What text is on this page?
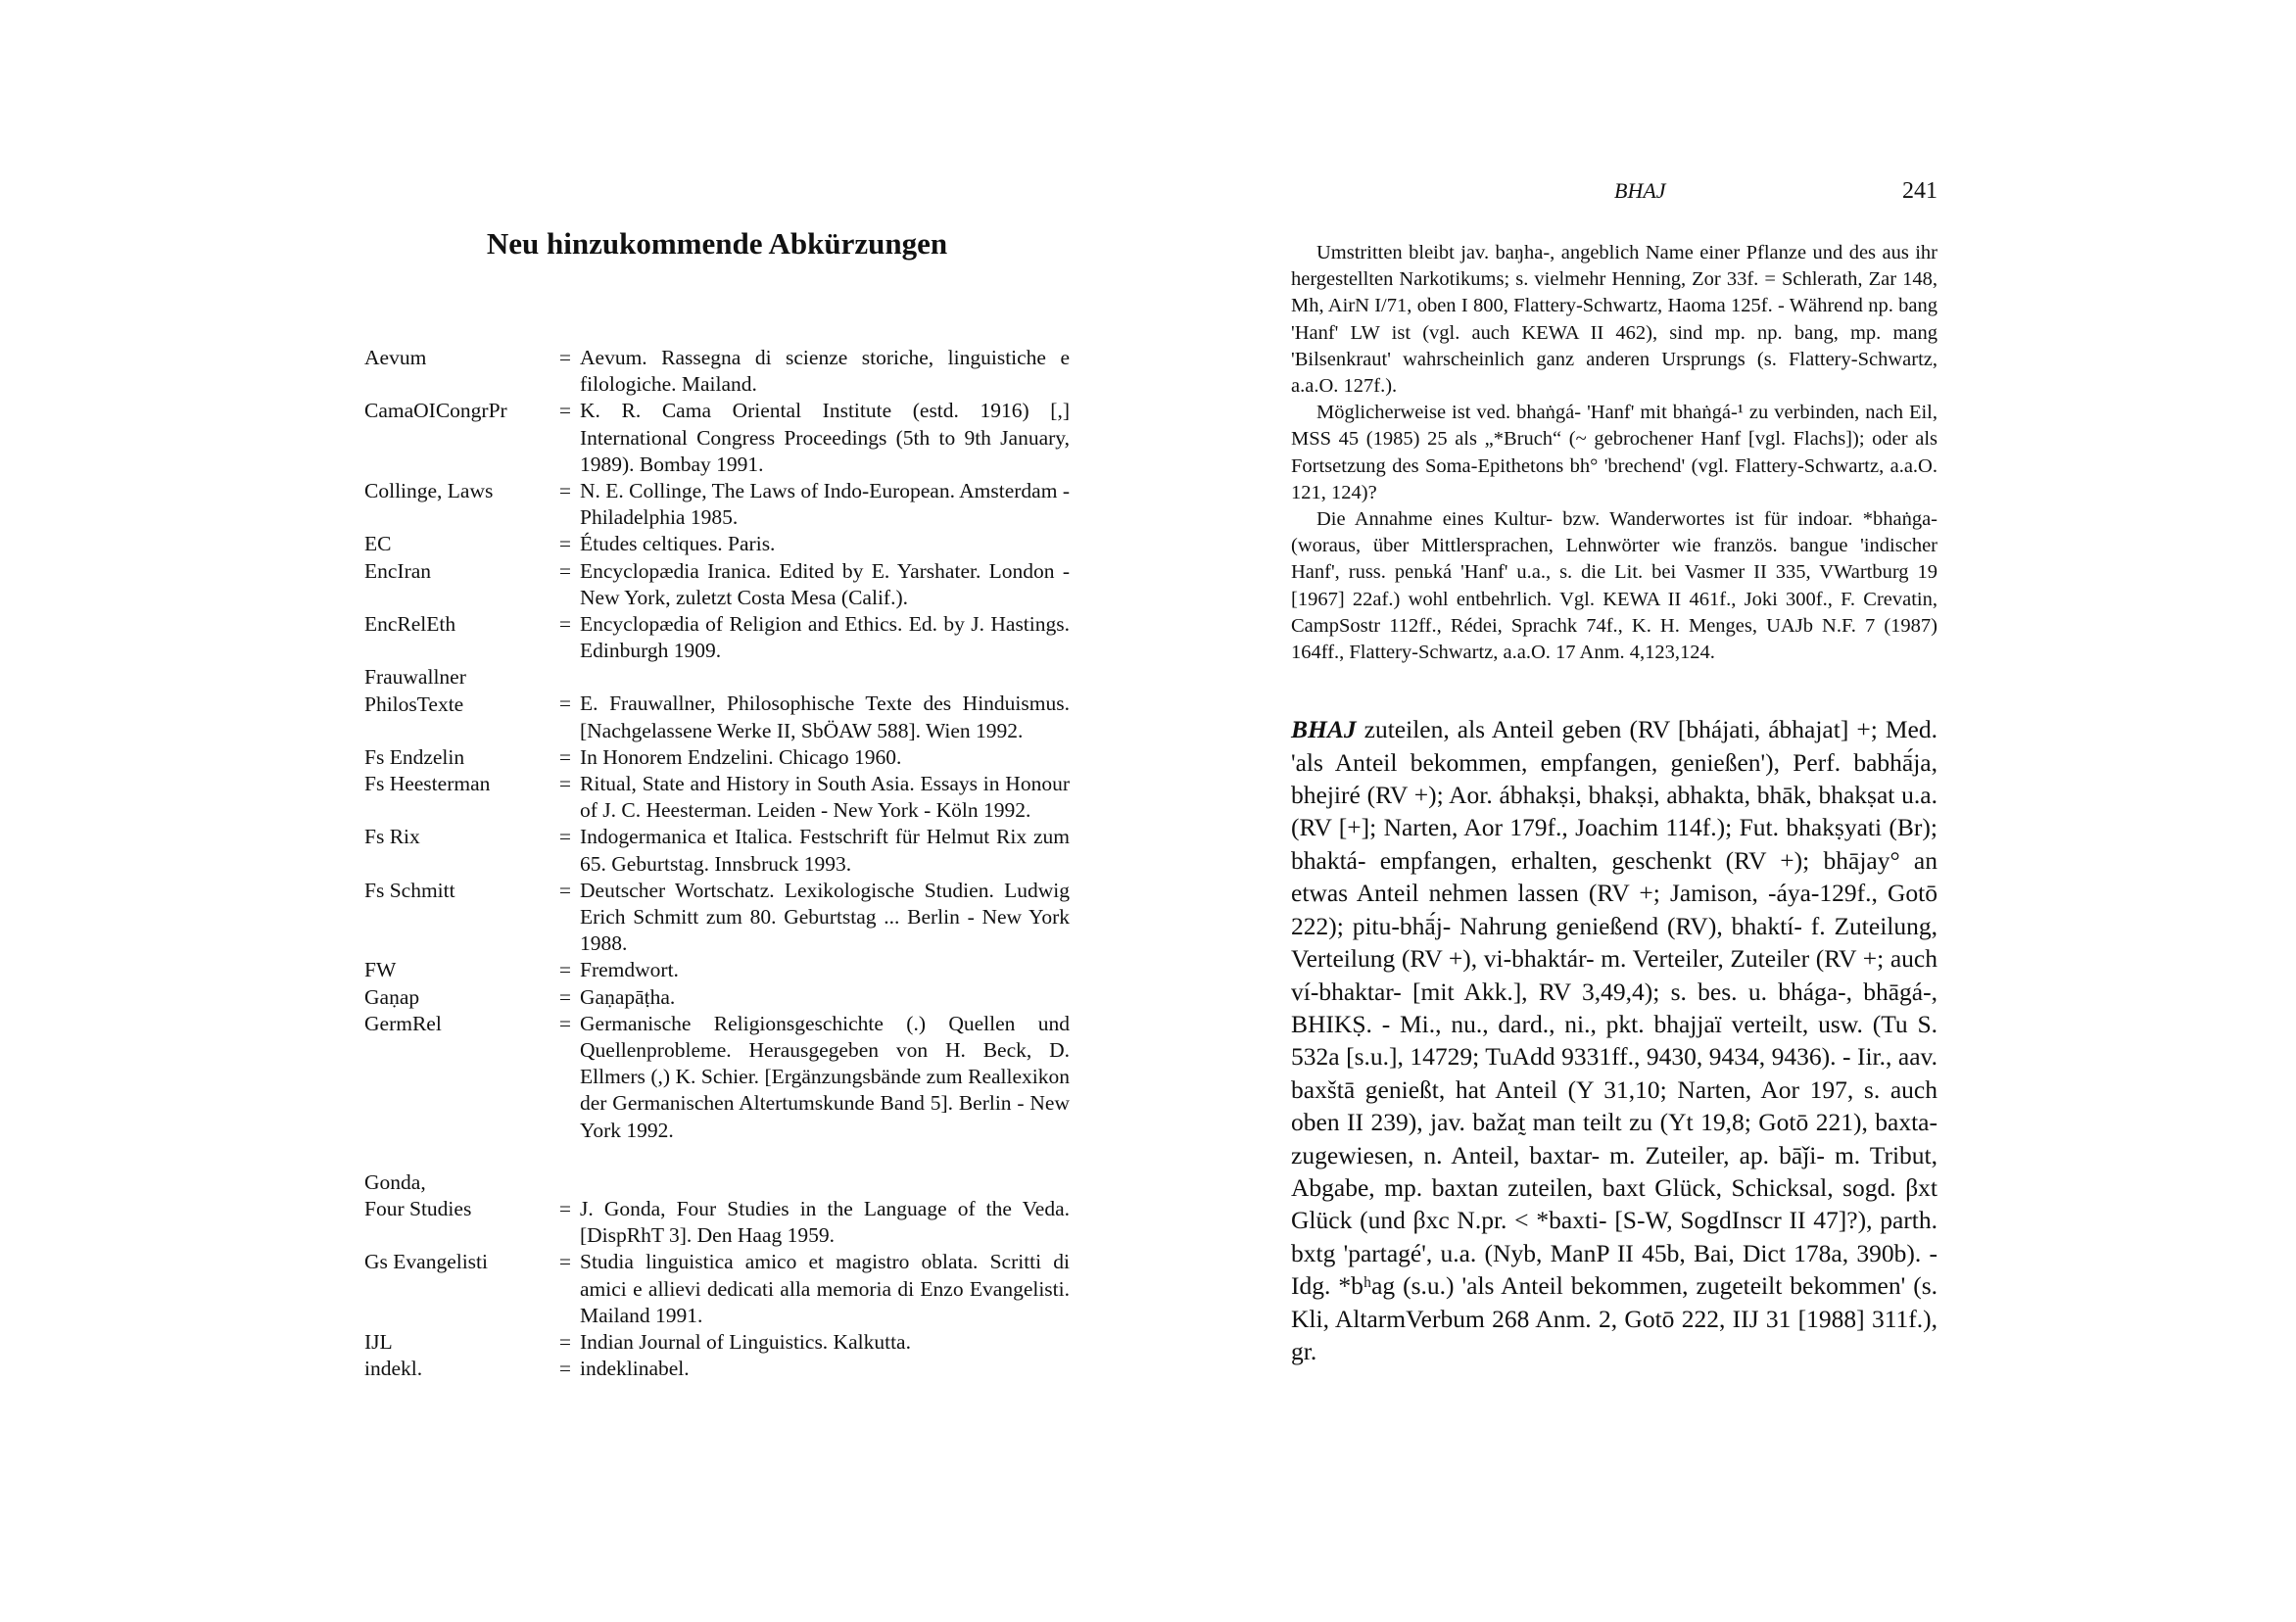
Neu hinzukommende Abkürzungen
Aevum	= Aevum. Rassegna di scienze storiche, linguistiche e filologiche. Mailand.
CamaOICongrPr	= K. R. Cama Oriental Institute (estd. 1916) [,] International Congress Proceedings (5th to 9th January, 1989). Bombay 1991.
Collinge, Laws	= N. E. Collinge, The Laws of Indo-European. Amsterdam - Philadelphia 1985.
EC	= Études celtiques. Paris.
EncIran	= Encyclopædia Iranica. Edited by E. Yarshater. London - New York, zuletzt Costa Mesa (Calif.).
EncRelEth	= Encyclopædia of Religion and Ethics. Ed. by J. Hastings. Edinburgh 1909.
Frauwallner
PhilosTexte	= E. Frauwallner, Philosophische Texte des Hinduismus. [Nachgelassene Werke II, SbÖAW 588]. Wien 1992.
Fs Endzelin	= In Honorem Endzelini. Chicago 1960.
Fs Heesterman	= Ritual, State and History in South Asia. Essays in Honour of J. C. Heesterman. Leiden - New York - Köln 1992.
Fs Rix	= Indogermanica et Italica. Festschrift für Helmut Rix zum 65. Geburtstag. Innsbruck 1993.
Fs Schmitt	= Deutscher Wortschatz. Lexikologische Studien. Ludwig Erich Schmitt zum 80. Geburtstag ... Berlin - New York 1988.
FW	= Fremdwort.
Gaṇap	= Gaṇapāṭha.
GermRel	= Germanische Religionsgeschichte (.) Quellen und Quellenprobleme. Herausgegeben von H. Beck, D. Ellmers (,) K. Schier. [Ergänzungsbände zum Reallexikon der Germanischen Altertumskunde Band 5]. Berlin - New York 1992.
Gonda,
Four Studies	= J. Gonda, Four Studies in the Language of the Veda. [DispRhT 3]. Den Haag 1959.
Gs Evangelisti	= Studia linguistica amico et magistro oblata. Scritti di amici e allievi dedicati alla memoria di Enzo Evangelisti. Mailand 1991.
IJL	= Indian Journal of Linguistics. Kalkutta.
indekl.	= indeklinabel.
BHAJ	241

Umstritten bleibt jav. baŋha-, angeblich Name einer Pflanze und des aus ihr hergestellten Narkotikums; s. vielmehr Henning, Zor 33f. = Schlerath, Zar 148, Mh, AirN I/71, oben I 800, Flattery-Schwartz, Haoma 125f. - Während np. bang 'Hanf' LW ist (vgl. auch KEWA II 462), sind mp. np. bang, mp. mang 'Bilsenkraut' wahrscheinlich ganz anderen Ursprungs (s. Flattery-Schwartz, a.a.O. 127f.).

Möglicherweise ist ved. bhaṅgá- 'Hanf' mit bhaṅgá-¹ zu verbinden, nach Eil, MSS 45 (1985) 25 als „*Bruch“ (~ gebrochener Hanf [vgl. Flachs]); oder als Fortsetzung des Soma-Epithetons bh° 'brechend' (vgl. Flattery-Schwartz, a.a.O. 121, 124)?

Die Annahme eines Kultur- bzw. Wanderwortes ist für indoar. *bhaṅga- (woraus, über Mittlersprachen, Lehnwörter wie französ. bangue 'indischer Hanf', russ. penьká 'Hanf' u.a., s. die Lit. bei Vasmer II 335, VWartburg 19 [1967] 22af.) wohl entbehrlich. Vgl. KEWA II 461f., Joki 300f., F. Crevatin, CampSostr 112ff., Rédei, Sprachk 74f., K. H. Menges, UAJb N.F. 7 (1987) 164ff., Flattery-Schwartz, a.a.O. 17 Anm. 4,123,124.

BHAJ zuteilen, als Anteil geben (RV [bhájati, ábhajat] +; Med. 'als Anteil bekommen, empfangen, genießen'), Perf. babhā́ja, bhejiré (RV +); Aor. ábhakṣi, bhakṣi, abhakta, bhāk, bhakṣat u.a. (RV [+]; Narten, Aor 179f., Joachim 114f.); Fut. bhakṣyati (Br); bhaktá- empfangen, erhalten, geschenkt (RV +); bhājay° an etwas Anteil nehmen lassen (RV +; Jamison, -áya-129f., Gotō 222); pitu-bhā́j- Nahrung genießend (RV), bhaktí- f. Zuteilung, Verteilung (RV +), vi-bhaktár- m. Verteiler, Zuteiler (RV +; auch ví-bhaktar- [mit Akk.], RV 3,49,4); s. bes. u. bhága-, bhāgá-, BHIKṢ. - Mi., nu., dard., ni., pkt. bhajjaï verteilt, usw. (Tu S. 532a [s.u.], 14729; TuAdd 9331ff., 9430, 9434, 9436). - Iir., aav. baxštā genießt, hat Anteil (Y 31,10; Narten, Aor 197, s. auch oben II 239), jav. bažat̰ man teilt zu (Yt 19,8; Gotō 221), baxta- zugewiesen, n. Anteil, baxtar- m. Zuteiler, ap. bāǰi- m. Tribut, Abgabe, mp. baxtan zuteilen, baxt Glück, Schicksal, sogd. βxt Glück (und βxc N.pr. < *baxti- [S-W, SogdInscr II 47]?), parth. bxtg 'partagé', u.a. (Nyb, ManP II 45b, Bai, Dict 178a, 390b). - Idg. *bʰag (s.u.) 'als Anteil bekommen, zugeteilt bekommen' (s. Kli, AltarmVerbum 268 Anm. 2, Gotō 222, IIJ 31 [1988] 311f.), gr.
